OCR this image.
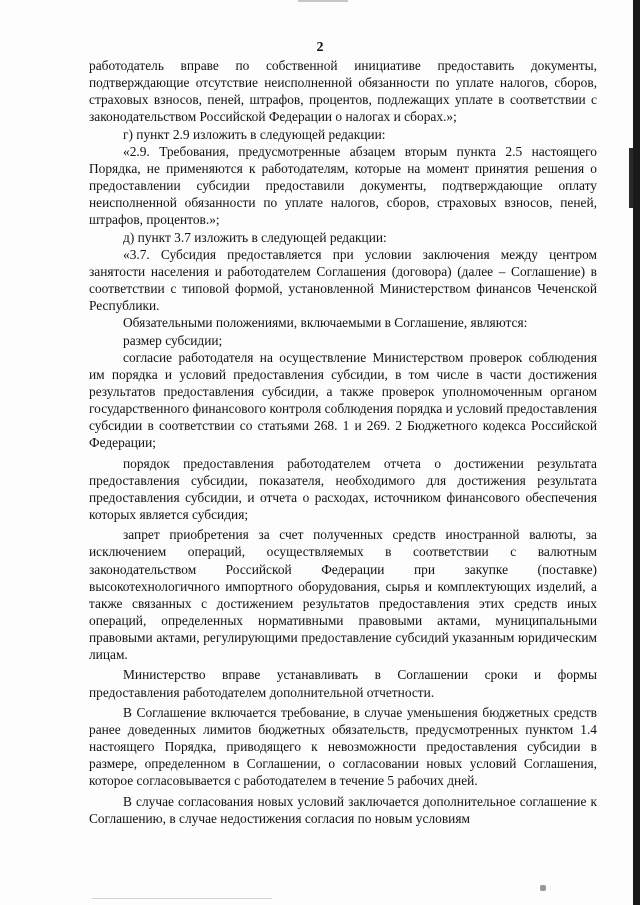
2

работодатель вправе по собственной инициативе предоставить документы, подтверждающие отсутствие неисполненной обязанности по уплате налогов, сборов, страховых взносов, пеней, штрафов, процентов, подлежащих уплате в соответствии с законодательством Российской Федерации о налогах и сборах.»;

г) пункт 2.9 изложить в следующей редакции:

«2.9. Требования, предусмотренные абзацем вторым пункта 2.5 настоящего Порядка, не применяются к работодателям, которые на момент принятия решения о предоставлении субсидии предоставили документы, подтверждающие оплату неисполненной обязанности по уплате налогов, сборов, страховых взносов, пеней, штрафов, процентов.»;

д) пункт 3.7 изложить в следующей редакции:

«3.7. Субсидия предоставляется при условии заключения между центром занятости населения и работодателем Соглашения (договора) (далее – Соглашение) в соответствии с типовой формой, установленной Министерством финансов Чеченской Республики.

Обязательными положениями, включаемыми в Соглашение, являются:

размер субсидии;

согласие работодателя на осуществление Министерством проверок соблюдения им порядка и условий предоставления субсидии, в том числе в части достижения результатов предоставления субсидии, а также проверок уполномоченным органом государственного финансового контроля соблюдения порядка и условий предоставления субсидии в соответствии со статьями 268. 1 и 269. 2 Бюджетного кодекса Российской Федерации;

порядок предоставления работодателем отчета о достижении результата предоставления субсидии, показателя, необходимого для достижения результата предоставления субсидии, и отчета о расходах, источником финансового обеспечения которых является субсидия;

запрет приобретения за счет полученных средств иностранной валюты, за исключением операций, осуществляемых в соответствии с валютным законодательством Российской Федерации при закупке (поставке) высокотехнологичного импортного оборудования, сырья и комплектующих изделий, а также связанных с достижением результатов предоставления этих средств иных операций, определенных нормативными правовыми актами, муниципальными правовыми актами, регулирующими предоставление субсидий указанным юридическим лицам.

Министерство вправе устанавливать в Соглашении сроки и формы предоставления работодателем дополнительной отчетности.

В Соглашение включается требование, в случае уменьшения бюджетных средств ранее доведенных лимитов бюджетных обязательств, предусмотренных пунктом 1.4 настоящего Порядка, приводящего к невозможности предоставления субсидии в размере, определенном в Соглашении, о согласовании новых условий Соглашения, которое согласовывается с работодателем в течение 5 рабочих дней.

В случае согласования новых условий заключается дополнительное соглашение к Соглашению, в случае недостижения согласия по новым условиям
